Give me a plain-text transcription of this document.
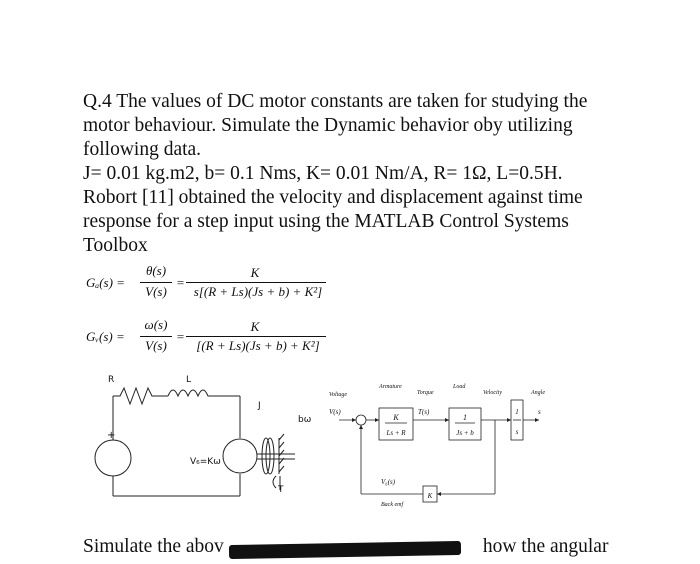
Q.4 The values of DC motor constants are taken for studying the

motor behaviour. Simulate the Dynamic behavior oby utilizing

following data.

J= 0.01 kg.m2, b= 0.1 Nms, K= 0.01 Nm/A, R= 1Ω, L=0.5H.

Robort [11] obtained the velocity and displacement against time

response for a step input using the MATLAB Control Systems

Toolbox

Gₐ(s) =
θ(s)
V(s)
=
K
s[(R + Ls)(Js + b) + K²]
Gᵥ(s) =
ω(s)
V(s)
=
K
[(R + Ls)(Js + b) + K²]
R	L
J
bω
V₆=Kω
T
+
Voltage
V(s)
Armature
K
Ls + R
Torque
T(s)
Load
1
Js + b
Velocity
1
s
Angle
s
V₆(s)
Back emf
K
Simulate the abov	how the angular
